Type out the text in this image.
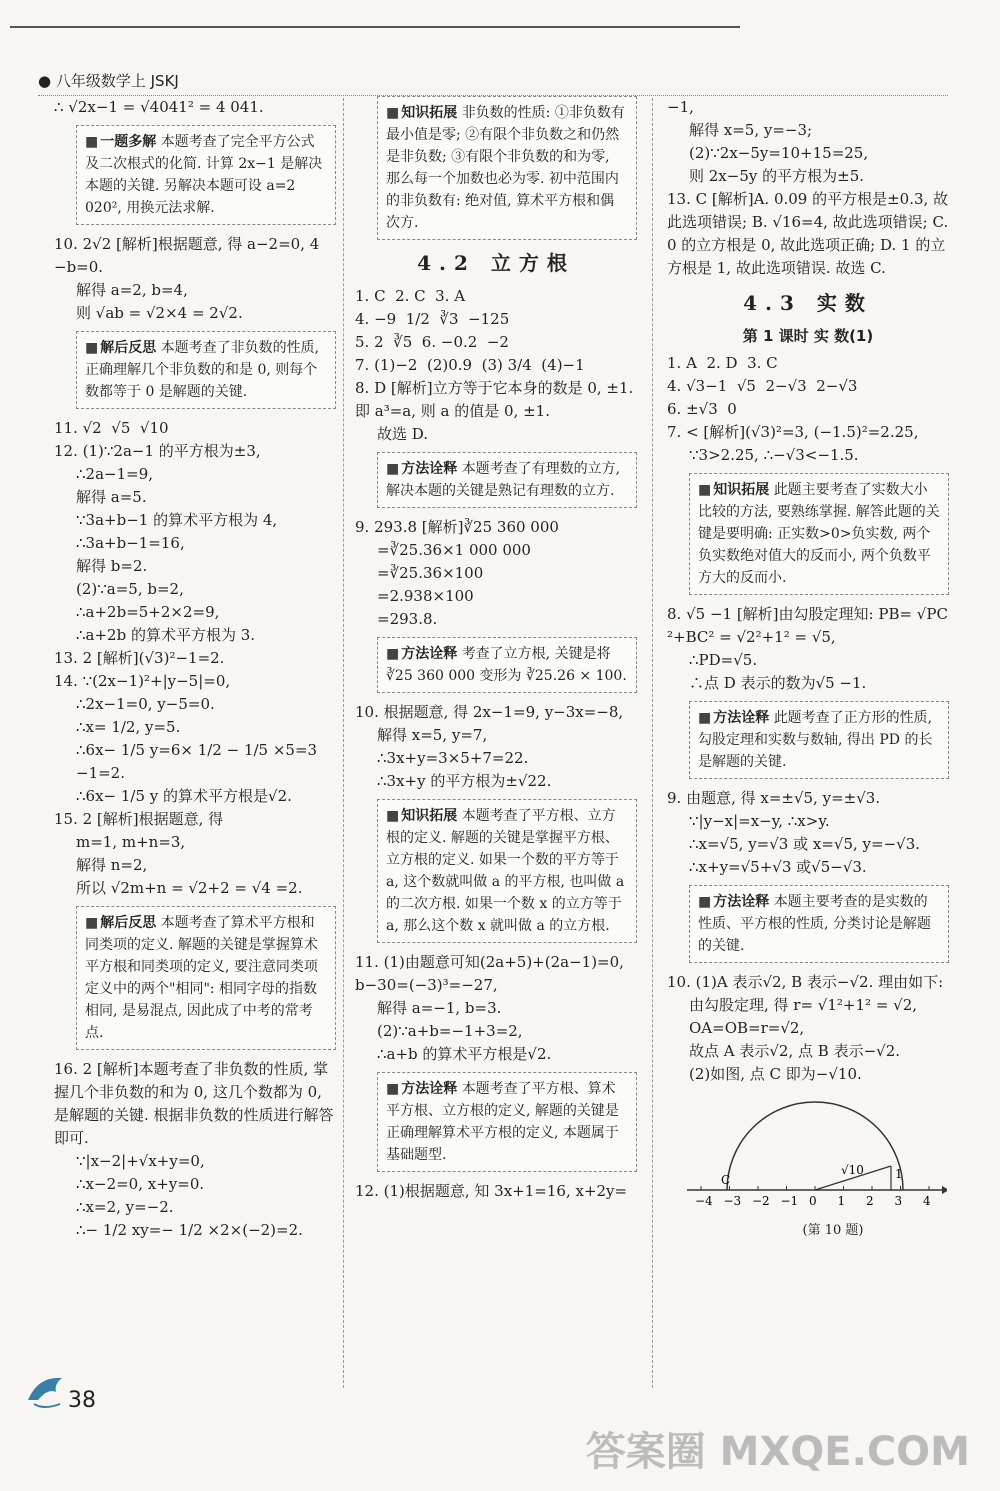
● 八年级数学上 JSKJ
∴ √2x−1 = √4041² = 4 041.
■ 一题多解 本题考查了完全平方公式及二次根式的化简. 计算 2x−1 是解决本题的关键. 另解决本题可设 a=2 020², 用换元法求解.
10. 2√2 [解析]根据题意, 得 a−2=0, 4−b=0.
解得 a=2, b=4,
则 √ab = √2×4 = 2√2.
■ 解后反思 本题考查了非负数的性质, 正确理解几个非负数的和是 0, 则每个数都等于 0 是解题的关键.
11. √2  √5  √10
12. (1)∵2a−1 的平方根为±3,
∴2a−1=9,
解得 a=5.
∵3a+b−1 的算术平方根为 4,
∴3a+b−1=16,
解得 b=2.
(2)∵a=5, b=2,
∴a+2b=5+2×2=9,
∴a+2b 的算术平方根为 3.
13. 2 [解析](√3)²−1=2.
14. ∵(2x−1)²+|y−5|=0,
∴2x−1=0, y−5=0.
∴x= 1/2, y=5.
∴6x− 1/5 y=6× 1/2 − 1/5 ×5=3−1=2.
∴6x− 1/5 y 的算术平方根是√2.
15. 2 [解析]根据题意, 得
m=1, m+n=3,
解得 n=2,
所以 √2m+n = √2+2 = √4 =2.
■ 解后反思 本题考查了算术平方根和同类项的定义. 解题的关键是掌握算术平方根和同类项的定义, 要注意同类项定义中的两个"相同": 相同字母的指数相同, 是易混点, 因此成了中考的常考点.
16. 2 [解析]本题考查了非负数的性质, 掌握几个非负数的和为 0, 这几个数都为 0, 是解题的关键. 根据非负数的性质进行解答即可.
∵|x−2|+√x+y=0,
∴x−2=0, x+y=0.
∴x=2, y=−2.
∴− 1/2 xy=− 1/2 ×2×(−2)=2.
■ 知识拓展 非负数的性质: ①非负数有最小值是零; ②有限个非负数之和仍然是非负数; ③有限个非负数的和为零, 那么每一个加数也必为零. 初中范围内的非负数有: 绝对值, 算术平方根和偶次方.
4.2 立方根
1. C  2. C  3. A
4. −9  1/2  ∛3  −125
5. 2  ∛5  6. −0.2  −2
7. (1)−2  (2)0.9  (3) 3/4  (4)−1
8. D [解析]立方等于它本身的数是 0, ±1. 即 a³=a, 则 a 的值是 0, ±1.
故选 D.
■ 方法诠释 本题考查了有理数的立方, 解决本题的关键是熟记有理数的立方.
9. 293.8 [解析]∛25 360 000
=∛25.36×1 000 000
=∛25.36×100
=2.938×100
=293.8.
■ 方法诠释 考查了立方根, 关键是将 ∛25 360 000 变形为 ∛25.26 × 100.
10. 根据题意, 得 2x−1=9, y−3x=−8,
解得 x=5, y=7,
∴3x+y=3×5+7=22.
∴3x+y 的平方根为±√22.
■ 知识拓展 本题考查了平方根、立方根的定义. 解题的关键是掌握平方根、立方根的定义. 如果一个数的平方等于 a, 这个数就叫做 a 的平方根, 也叫做 a 的二次方根. 如果一个数 x 的立方等于 a, 那么这个数 x 就叫做 a 的立方根.
11. (1)由题意可知(2a+5)+(2a−1)=0, b−30=(−3)³=−27,
解得 a=−1, b=3.
(2)∵a+b=−1+3=2,
∴a+b 的算术平方根是√2.
■ 方法诠释 本题考查了平方根、算术平方根、立方根的定义, 解题的关键是正确理解算术平方根的定义, 本题属于基础题型.
12. (1)根据题意, 知 3x+1=16, x+2y=
−1,
解得 x=5, y=−3;
(2)∵2x−5y=10+15=25,
则 2x−5y 的平方根为±5.
13. C [解析]A. 0.09 的平方根是±0.3, 故此选项错误; B. √16=4, 故此选项错误; C. 0 的立方根是 0, 故此选项正确; D. 1 的立方根是 1, 故此选项错误. 故选 C.
4.3 实数
第 1 课时 实 数(1)
1. A  2. D  3. C
4. √3−1  √5  2−√3  2−√3
6. ±√3  0
7. < [解析](√3)²=3, (−1.5)²=2.25,
∵3>2.25, ∴−√3<−1.5.
■ 知识拓展 此题主要考查了实数大小比较的方法, 要熟练掌握. 解答此题的关键是要明确: 正实数>0>负实数, 两个负实数绝对值大的反而小, 两个负数平方大的反而小.
8. √5 −1 [解析]由勾股定理知: PB= √PC²+BC² = √2²+1² = √5,
∴PD=√5.
∴点 D 表示的数为√5 −1.
■ 方法诠释 此题考查了正方形的性质, 勾股定理和实数与数轴, 得出 PD 的长是解题的关键.
9. 由题意, 得 x=±√5, y=±√3.
∵|y−x|=x−y, ∴x>y.
∴x=√5, y=√3 或 x=√5, y=−√3.
∴x+y=√5+√3 或√5−√3.
■ 方法诠释 本题主要考查的是实数的性质、平方根的性质, 分类讨论是解题的关键.
10. (1)A 表示√2, B 表示−√2. 理由如下:
由勾股定理, 得 r= √1²+1² = √2,
OA=OB=r=√2,
故点 A 表示√2, 点 B 表示−√2.
(2)如图, 点 C 即为−√10.
−4 −3 −2 −1 0 1 2 3 4
C
√10	1
(第 10 题)
38
答案圈 MXQE.COM
